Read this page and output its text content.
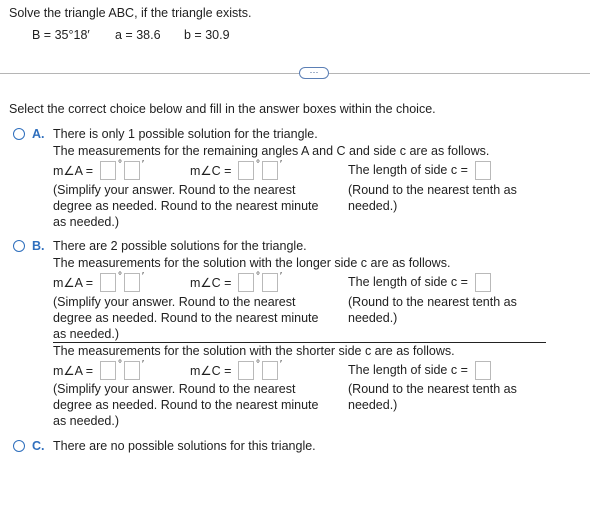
Solve the triangle ABC, if the triangle exists.
B = 35°18′ a = 38.6 b = 30.9
···
Select the correct choice below and fill in the answer boxes within the choice.
A. There is only 1 possible solution for the triangle.
The measurements for the remaining angles A and C and side c are as follows.
m∠A = ° ′	m∠C = ° ′	The length of side c =
(Simplify your answer. Round to the nearest
degree as needed. Round to the nearest minute
as needed.)
(Round to the nearest tenth as
needed.)
B. There are 2 possible solutions for the triangle.
The measurements for the solution with the longer side c are as follows.
m∠A = ° ′	m∠C = ° ′	The length of side c =
(Simplify your answer. Round to the nearest
degree as needed. Round to the nearest minute
as needed.)
(Round to the nearest tenth as
needed.)
The measurements for the solution with the shorter side c are as follows.
m∠A = ° ′	m∠C = ° ′	The length of side c =
(Simplify your answer. Round to the nearest
degree as needed. Round to the nearest minute
as needed.)
(Round to the nearest tenth as
needed.)
C. There are no possible solutions for this triangle.
